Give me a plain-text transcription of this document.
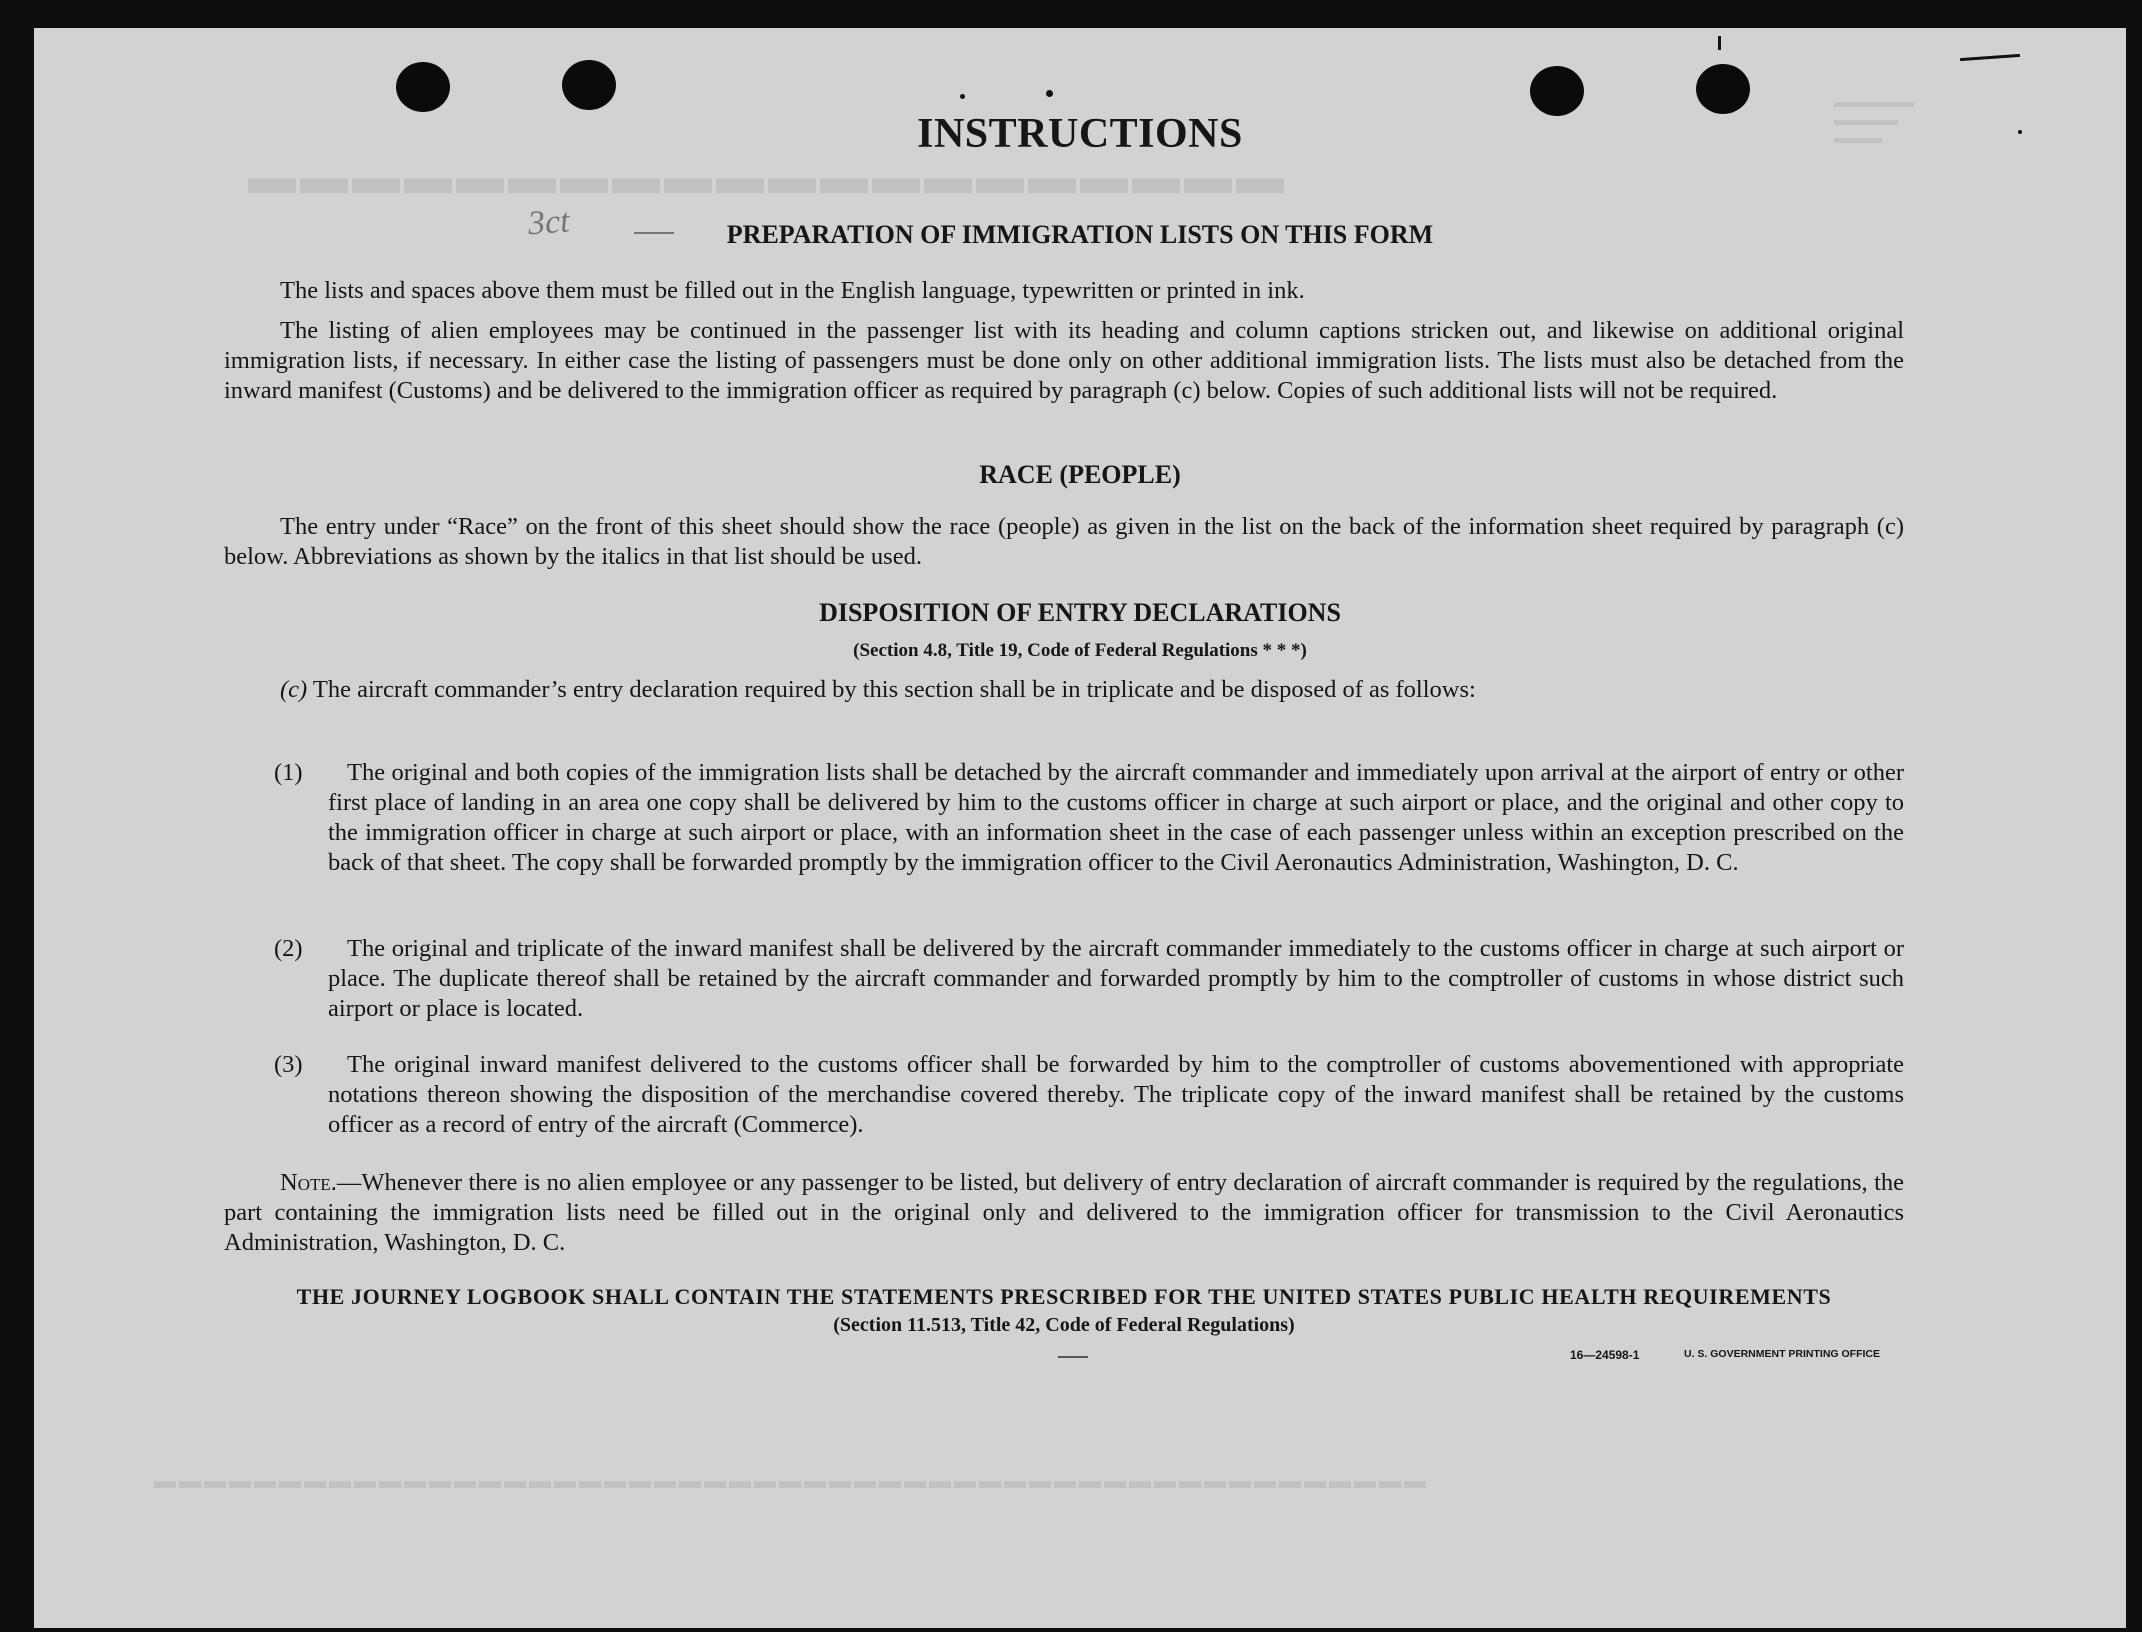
▬▬▬▬▬▬▬▬▬▬▬▬▬▬▬▬▬▬▬▬
▬▬▬▬▬
▬▬▬▬
▬▬▬
▬▬▬▬▬▬▬▬▬▬▬▬▬▬▬▬▬▬▬▬▬▬▬▬▬▬▬▬▬▬▬▬▬▬▬▬▬▬▬▬▬▬▬▬▬▬▬▬▬▬▬
3ct
INSTRUCTIONS
PREPARATION OF IMMIGRATION LISTS ON THIS FORM

The lists and spaces above them must be filled out in the English language, typewritten or printed in ink.

The listing of alien employees may be continued in the passenger list with its heading and column captions stricken out, and likewise on additional original immigration lists, if necessary. In either case the listing of passengers must be done only on other additional immigration lists. The lists must also be detached from the inward manifest (Customs) and be delivered to the immigration officer as required by paragraph (c) below. Copies of such additional lists will not be required.

RACE (PEOPLE)

The entry under “Race” on the front of this sheet should show the race (people) as given in the list on the back of the information sheet required by paragraph (c) below. Abbreviations as shown by the italics in that list should be used.

DISPOSITION OF ENTRY DECLARATIONS
(Section 4.8, Title 19, Code of Federal Regulations * * *)

(c) The aircraft commander’s entry declaration required by this section shall be in triplicate and be disposed of as follows:

(1) The original and both copies of the immigration lists shall be detached by the aircraft commander and immediately upon arrival at the airport of entry or other first place of landing in an area one copy shall be delivered by him to the customs officer in charge at such airport or place, and the original and other copy to the immigration officer in charge at such airport or place, with an information sheet in the case of each passenger unless within an exception prescribed on the back of that sheet. The copy shall be forwarded promptly by the immigration officer to the Civil Aeronautics Administration, Washington, D. C.

(2) The original and triplicate of the inward manifest shall be delivered by the aircraft commander immediately to the customs officer in charge at such airport or place. The duplicate thereof shall be retained by the aircraft commander and forwarded promptly by him to the comptroller of customs in whose district such airport or place is located.

(3) The original inward manifest delivered to the customs officer shall be forwarded by him to the comptroller of customs abovementioned with appropriate notations thereon showing the disposition of the merchandise covered thereby. The triplicate copy of the inward manifest shall be retained by the customs officer as a record of entry of the aircraft (Commerce).

Note.—Whenever there is no alien employee or any passenger to be listed, but delivery of entry declaration of aircraft commander is required by the regulations, the part containing the immigration lists need be filled out in the original only and delivered to the immigration officer for transmission to the Civil Aeronautics Administration, Washington, D. C.

THE JOURNEY LOGBOOK SHALL CONTAIN THE STATEMENTS PRESCRIBED FOR THE UNITED STATES PUBLIC HEALTH REQUIREMENTS
(Section 11.513, Title 42, Code of Federal Regulations)
16—24598-1	U. S. GOVERNMENT PRINTING OFFICE
